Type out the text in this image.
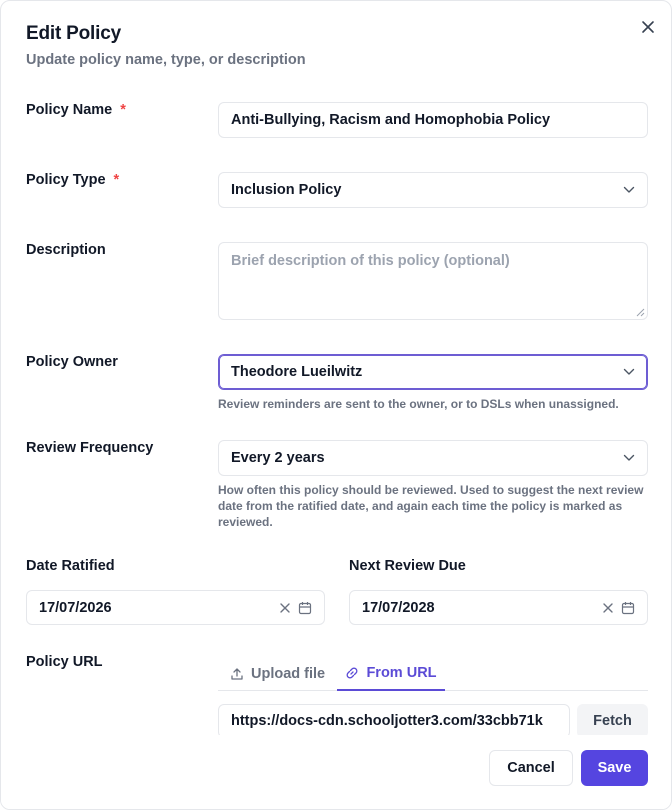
Edit Policy
Update policy name, type, or description
Policy Name *
Anti-Bullying, Racism and Homophobia Policy
Policy Type *
Inclusion Policy
Description
Brief description of this policy (optional)
Policy Owner
Theodore Lueilwitz
Review reminders are sent to the owner, or to DSLs when unassigned.
Review Frequency
Every 2 years
How often this policy should be reviewed. Used to suggest the next review date from the ratified date, and again each time the policy is marked as reviewed.
Date Ratified	Next Review Due
17/07/2026	17/07/2028
Policy URL
Upload file	From URL
https://docs-cdn.schooljotter3.com/33cbb71k	Fetch
Cancel	Save
